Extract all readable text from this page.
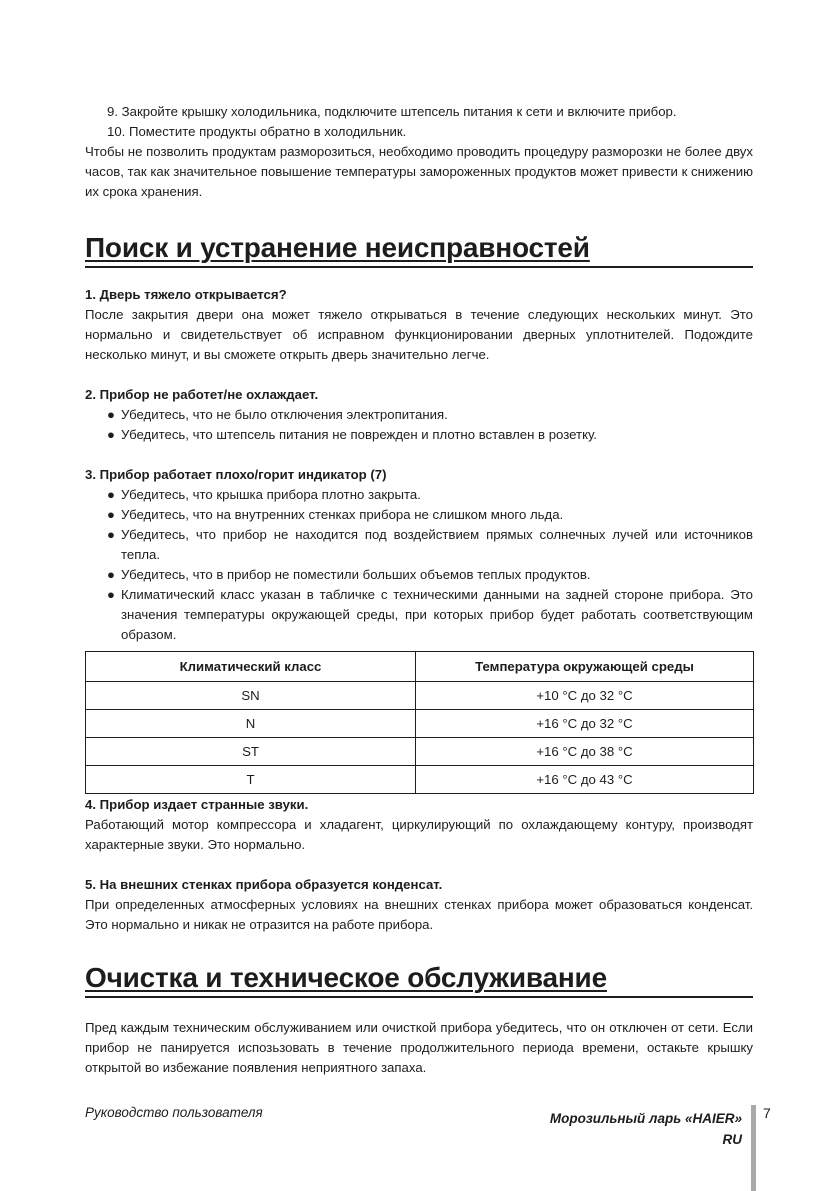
9. Закройте крышку холодильника, подключите штепсель питания к сети и включите прибор.

10. Поместите продукты обратно в холодильник.

Чтобы не позволить продуктам разморозиться, необходимо проводить процедуру разморозки не более двух часов, так как значительное повышение температуры замороженных продуктов может привести к снижению их срока хранения.

Поиск и устранение неисправностей

1. Дверь тяжело открывается?

После закрытия двери она может тяжело открываться в течение следующих нескольких минут. Это нормально и свидетельствует об исправном функционировании дверных уплотнителей. Подождите несколько минут, и вы сможете открыть дверь значительно легче.

2. Прибор не работет/не охлаждает.

● Убедитесь, что не было отключения электропитания.
● Убедитесь, что штепсель питания не поврежден и плотно вставлен в розетку.

3. Прибор работает плохо/горит индикатор (7)

● Убедитесь, что крышка прибора плотно закрыта.
● Убедитесь, что на внутренних стенках прибора не слишком много льда.
● Убедитесь, что прибор не находится под воздействием прямых солнечных лучей или источников тепла.
● Убедитесь, что в прибор не поместили больших объемов теплых продуктов.
● Климатический класс указан в табличке с техническими данными на задней стороне прибора. Это значения температуры окружающей среды, при которых прибор будет работать соответствующим образом.
Климатический класс	Температура окружающей среды
SN	+10 °C до 32 °C
N	+16 °C до 32 °C
ST	+16 °C до 38 °C
T	+16 °C до 43 °C

4. Прибор издает странные звуки.

Работающий мотор компрессора и хладагент, циркулирующий по охлаждающему контуру, производят характерные звуки. Это нормально.

5. На внешних стенках прибора образуется конденсат.

При определенных атмосферных условиях на внешних стенках прибора может образоваться конденсат. Это нормально и никак не отразится на работе прибора.

Очистка и техническое обслуживание

Пред каждым техническим обслуживанием или очисткой прибора убедитесь, что он отключен от сети. Если прибор не панируется испозьзовать в течение продолжительного периода времени, остакьте крышку открытой во избежание появления неприятного запаха.

Руководство пользователя	Морозильный ларь «HAIER»
RU
7
